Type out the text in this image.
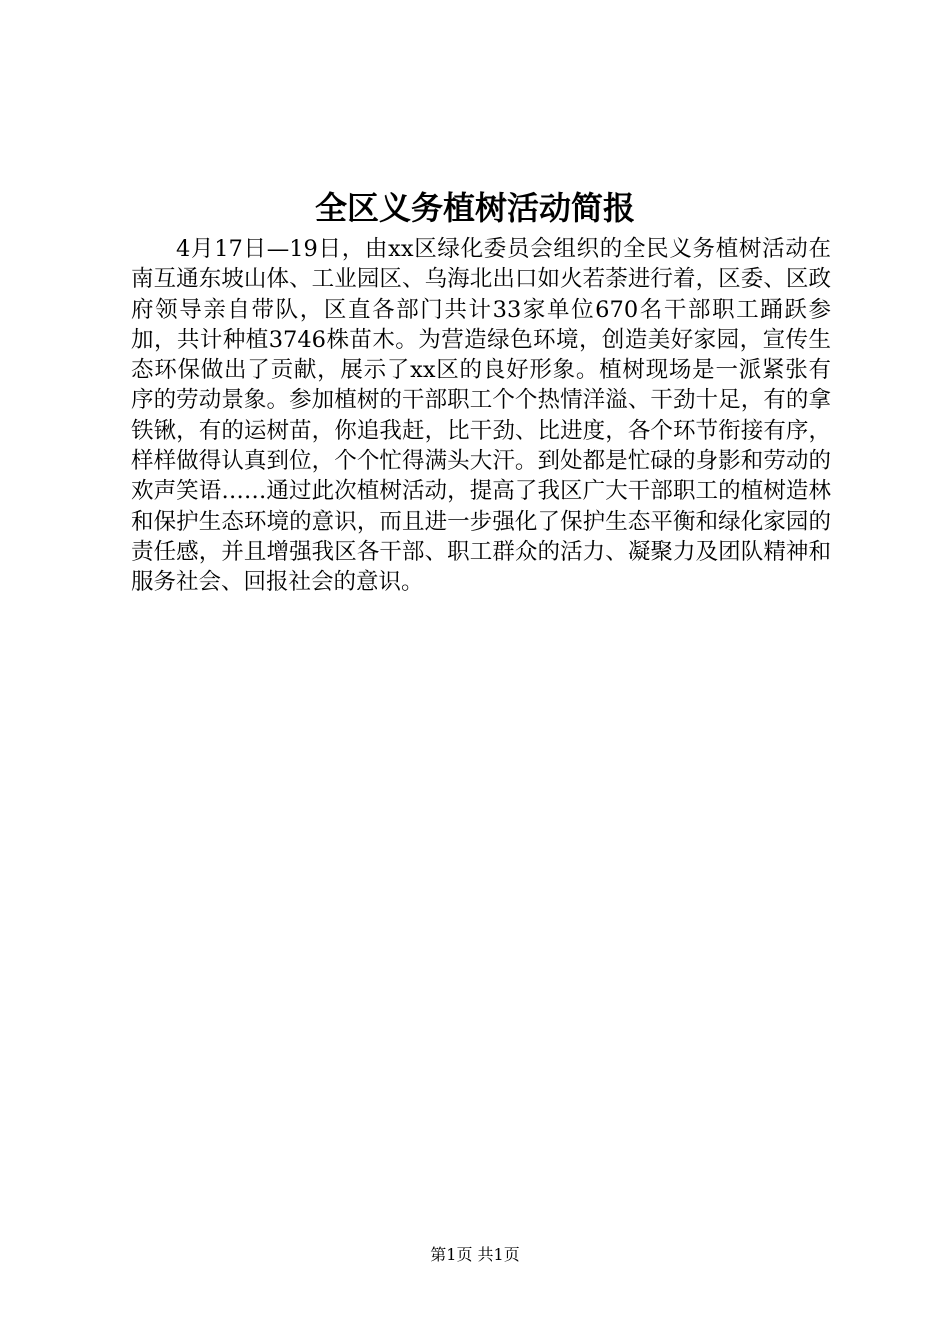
全区义务植树活动简报

4月17日—19日，由xx区绿化委员会组织的全民义务植树活动在南互通东坡山体、工业园区、乌海北出口如火若荼进行着，区委、区政府领导亲自带队，区直各部门共计33家单位670名干部职工踊跃参加，共计种植3746株苗木。为营造绿色环境，创造美好家园，宣传生态环保做出了贡献，展示了xx区的良好形象。植树现场是一派紧张有序的劳动景象。参加植树的干部职工个个热情洋溢、干劲十足，有的拿铁锹，有的运树苗，你追我赶，比干劲、比进度，各个环节衔接有序，样样做得认真到位，个个忙得满头大汗。到处都是忙碌的身影和劳动的欢声笑语……通过此次植树活动，提高了我区广大干部职工的植树造林和保护生态环境的意识，而且进一步强化了保护生态平衡和绿化家园的责任感，并且增强我区各干部、职工群众的活力、凝聚力及团队精神和服务社会、回报社会的意识。

第1页 共1页
